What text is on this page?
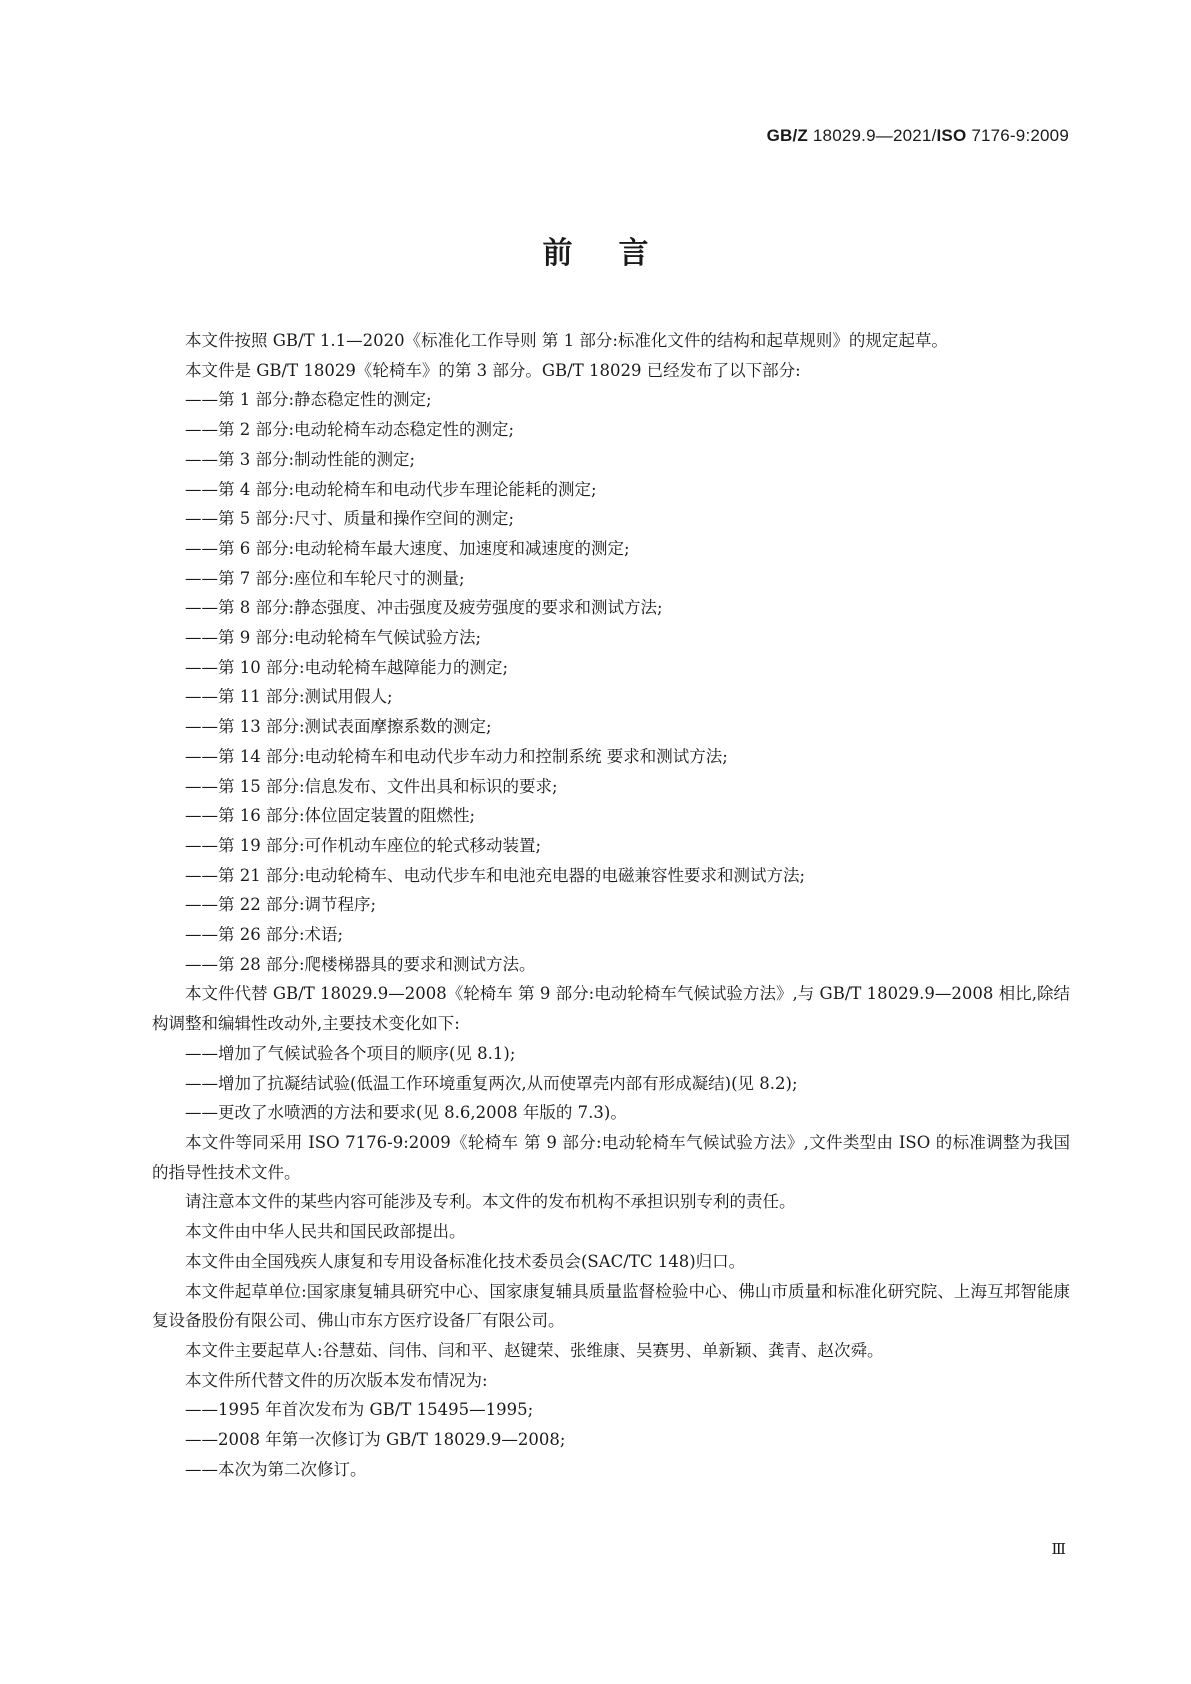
GB/Z 18029.9—2021/ISO 7176-9:2009
前言

本文件按照 GB/T 1.1—2020《标准化工作导则 第 1 部分:标准化文件的结构和起草规则》的规定起草。

本文件是 GB/T 18029《轮椅车》的第 3 部分。GB/T 18029 已经发布了以下部分:

——第 1 部分:静态稳定性的测定;

——第 2 部分:电动轮椅车动态稳定性的测定;

——第 3 部分:制动性能的测定;

——第 4 部分:电动轮椅车和电动代步车理论能耗的测定;

——第 5 部分:尺寸、质量和操作空间的测定;

——第 6 部分:电动轮椅车最大速度、加速度和减速度的测定;

——第 7 部分:座位和车轮尺寸的测量;

——第 8 部分:静态强度、冲击强度及疲劳强度的要求和测试方法;

——第 9 部分:电动轮椅车气候试验方法;

——第 10 部分:电动轮椅车越障能力的测定;

——第 11 部分:测试用假人;

——第 13 部分:测试表面摩擦系数的测定;

——第 14 部分:电动轮椅车和电动代步车动力和控制系统 要求和测试方法;

——第 15 部分:信息发布、文件出具和标识的要求;

——第 16 部分:体位固定装置的阻燃性;

——第 19 部分:可作机动车座位的轮式移动装置;

——第 21 部分:电动轮椅车、电动代步车和电池充电器的电磁兼容性要求和测试方法;

——第 22 部分:调节程序;

——第 26 部分:术语;

——第 28 部分:爬楼梯器具的要求和测试方法。

本文件代替 GB/T 18029.9—2008《轮椅车 第 9 部分:电动轮椅车气候试验方法》,与 GB/T 18029.9—2008 相比,除结构调整和编辑性改动外,主要技术变化如下:

——增加了气候试验各个项目的顺序(见 8.1);

——增加了抗凝结试验(低温工作环境重复两次,从而使罩壳内部有形成凝结)(见 8.2);

——更改了水喷洒的方法和要求(见 8.6,2008 年版的 7.3)。

本文件等同采用 ISO 7176-9:2009《轮椅车 第 9 部分:电动轮椅车气候试验方法》,文件类型由 ISO 的标准调整为我国的指导性技术文件。

请注意本文件的某些内容可能涉及专利。本文件的发布机构不承担识别专利的责任。

本文件由中华人民共和国民政部提出。

本文件由全国残疾人康复和专用设备标准化技术委员会(SAC/TC 148)归口。

本文件起草单位:国家康复辅具研究中心、国家康复辅具质量监督检验中心、佛山市质量和标准化研究院、上海互邦智能康复设备股份有限公司、佛山市东方医疗设备厂有限公司。

本文件主要起草人:谷慧茹、闫伟、闫和平、赵键荣、张维康、吴赛男、单新颖、龚青、赵次舜。

本文件所代替文件的历次版本发布情况为:

——1995 年首次发布为 GB/T 15495—1995;

——2008 年第一次修订为 GB/T 18029.9—2008;

——本次为第二次修订。

Ⅲ
